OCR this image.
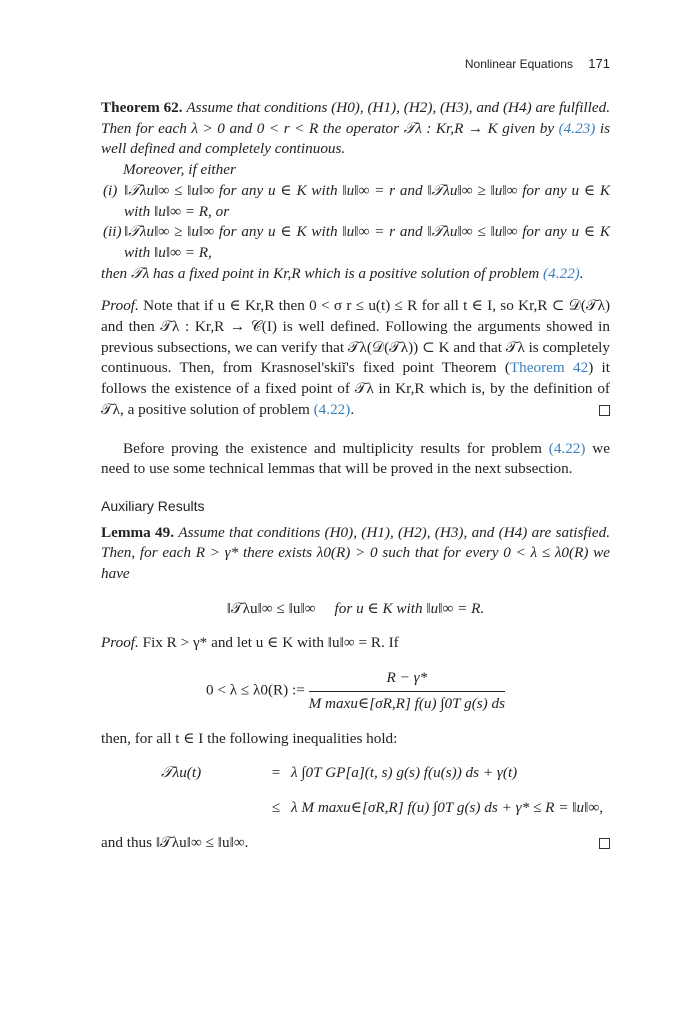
Nonlinear Equations 171

Theorem 62. Assume that conditions (H0), (H1), (H2), (H3), and (H4) are fulfilled. Then for each λ > 0 and 0 < r < R the operator 𝒯λ : Kr,R → K given by (4.23) is well defined and completely continuous.

Moreover, if either

(i) ‖𝒯λu‖∞ ≤ ‖u‖∞ for any u ∈ K with ‖u‖∞ = r and ‖𝒯λu‖∞ ≥ ‖u‖∞ for any u ∈ K with ‖u‖∞ = R, or

(ii) ‖𝒯λu‖∞ ≥ ‖u‖∞ for any u ∈ K with ‖u‖∞ = r and ‖𝒯λu‖∞ ≤ ‖u‖∞ for any u ∈ K with ‖u‖∞ = R,

then 𝒯λ has a fixed point in Kr,R which is a positive solution of problem (4.22).

Proof. Note that if u ∈ Kr,R then 0 < σ r ≤ u(t) ≤ R for all t ∈ I, so Kr,R ⊂ 𝒟(𝒯λ) and then 𝒯λ : Kr,R → 𝒞(I) is well defined. Following the arguments showed in previous subsections, we can verify that 𝒯λ(𝒟(𝒯λ)) ⊂ K and that 𝒯λ is completely continuous. Then, from Krasnosel'skiĭ's fixed point Theorem (Theorem 42) it follows the existence of a fixed point of 𝒯λ in Kr,R which is, by the definition of 𝒯λ, a positive solution of problem (4.22).

Before proving the existence and multiplicity results for problem (4.22) we need to use some technical lemmas that will be proved in the next subsection.

Auxiliary Results

Lemma 49. Assume that conditions (H0), (H1), (H2), (H3), and (H4) are satisfied. Then, for each R > γ* there exists λ0(R) > 0 such that for every 0 < λ ≤ λ0(R) we have

‖𝒯λu‖∞ ≤ ‖u‖∞ for u ∈ K with ‖u‖∞ = R.

Proof. Fix R > γ* and let u ∈ K with ‖u‖∞ = R. If

0 < λ ≤ λ0(R) := $\frac{R - \gamma*}{\text{M maxu∈[σR,R] f(u) ∫0T g(s) ds}}$

then, for all t ∈ I the following inequalities hold:

𝒯λu(t)	= λ ∫0T GP[a](t, s) g(s) f(u(s)) ds + γ(t)
≤ λ M maxu∈[σR,R] f(u) ∫0T g(s) ds + γ* ≤ R = ‖u‖∞,

and thus ‖𝒯λu‖∞ ≤ ‖u‖∞.
